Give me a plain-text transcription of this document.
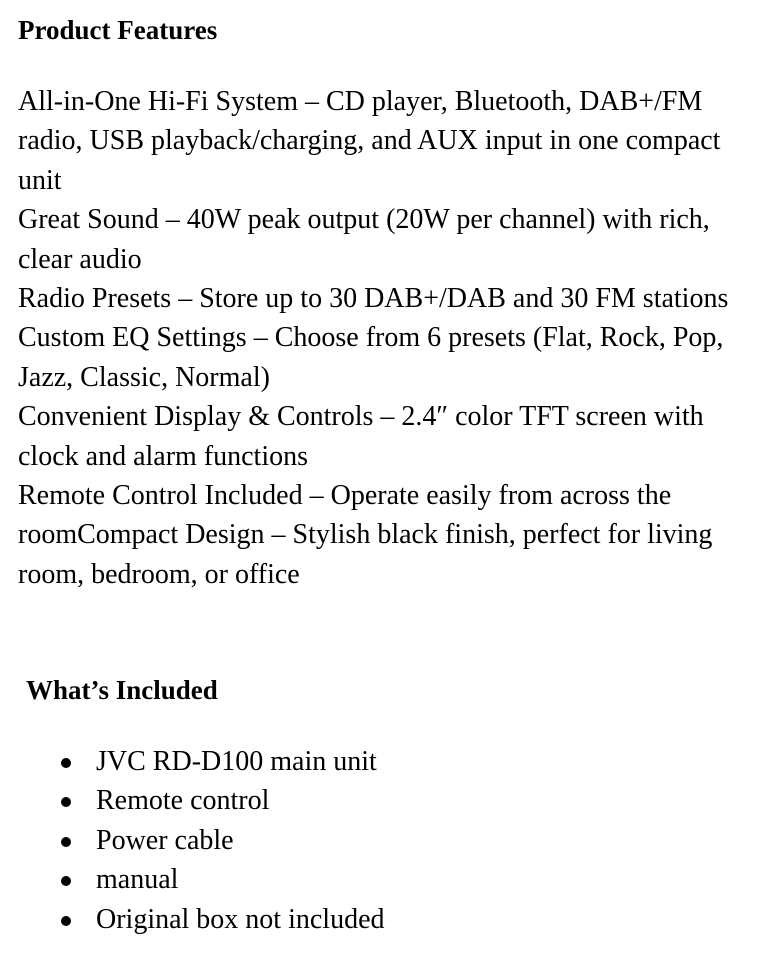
Product Features
All-in-One Hi-Fi System – CD player, Bluetooth, DAB+/FM radio, USB playback/charging, and AUX input in one compact unit
Great Sound – 40W peak output (20W per channel) with rich, clear audio
Radio Presets – Store up to 30 DAB+/DAB and 30 FM stations
Custom EQ Settings – Choose from 6 presets (Flat, Rock, Pop, Jazz, Classic, Normal)
Convenient Display & Controls – 2.4″ color TFT screen with clock and alarm functions
Remote Control Included – Operate easily from across the roomCompact Design – Stylish black finish, perfect for living room, bedroom, or office
What’s Included
JVC RD-D100 main unit
Remote control
Power cable
manual
Original box not included
